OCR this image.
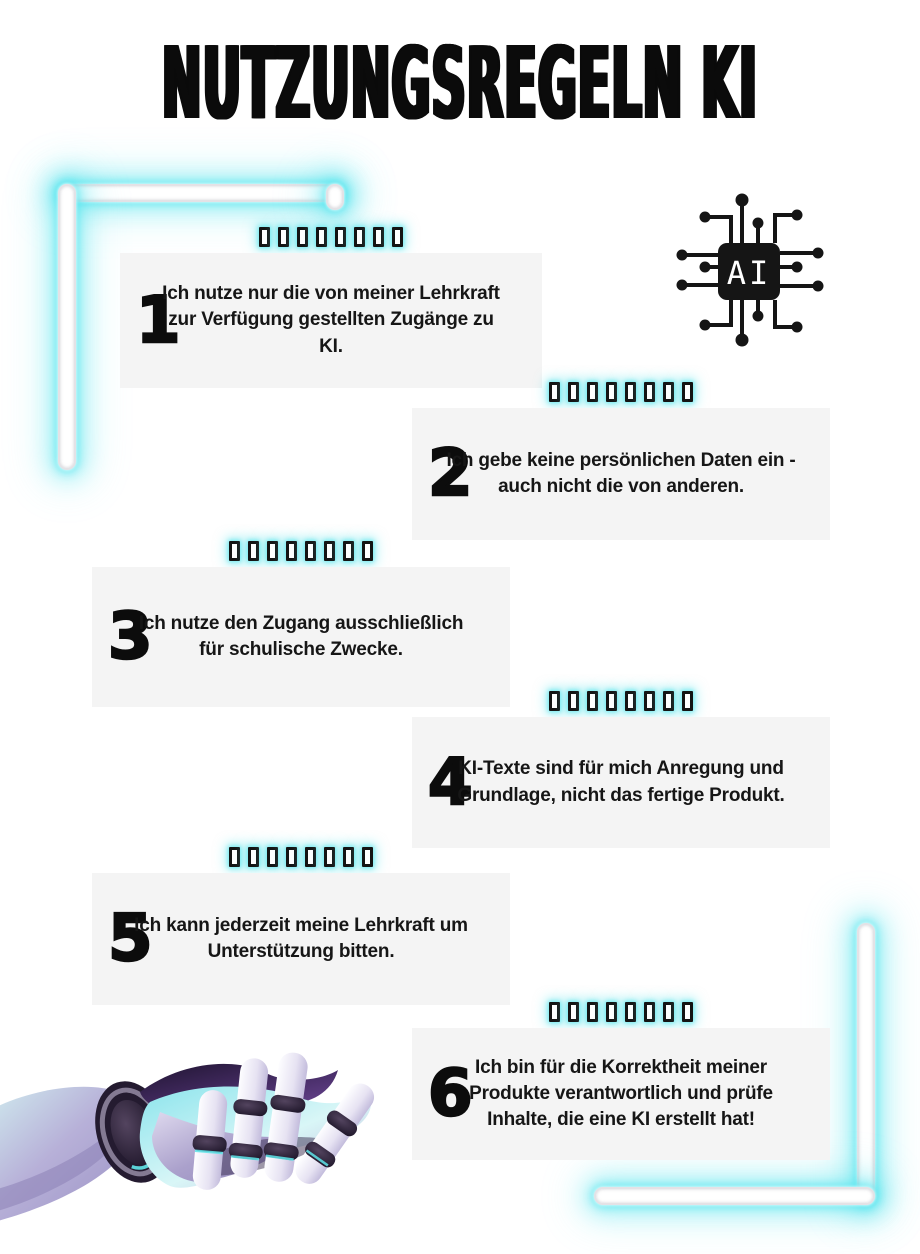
NUTZUNGSREGELN KI
AI
1

Ich nutze nur die von meiner Lehrkraft zur Verfügung gestellten Zugänge zu KI.

2

Ich gebe keine persönlichen Daten ein - auch nicht die von anderen.

3

Ich nutze den Zugang ausschließlich für schulische Zwecke.

4

KI-Texte sind für mich Anregung und Grundlage, nicht das fertige Produkt.

5

Ich kann jederzeit meine Lehrkraft um Unterstützung bitten.

6 Ich bin für die Korrektheit meiner Produkte verantwortlich und prüfe Inhalte, die eine KI erstellt hat!
